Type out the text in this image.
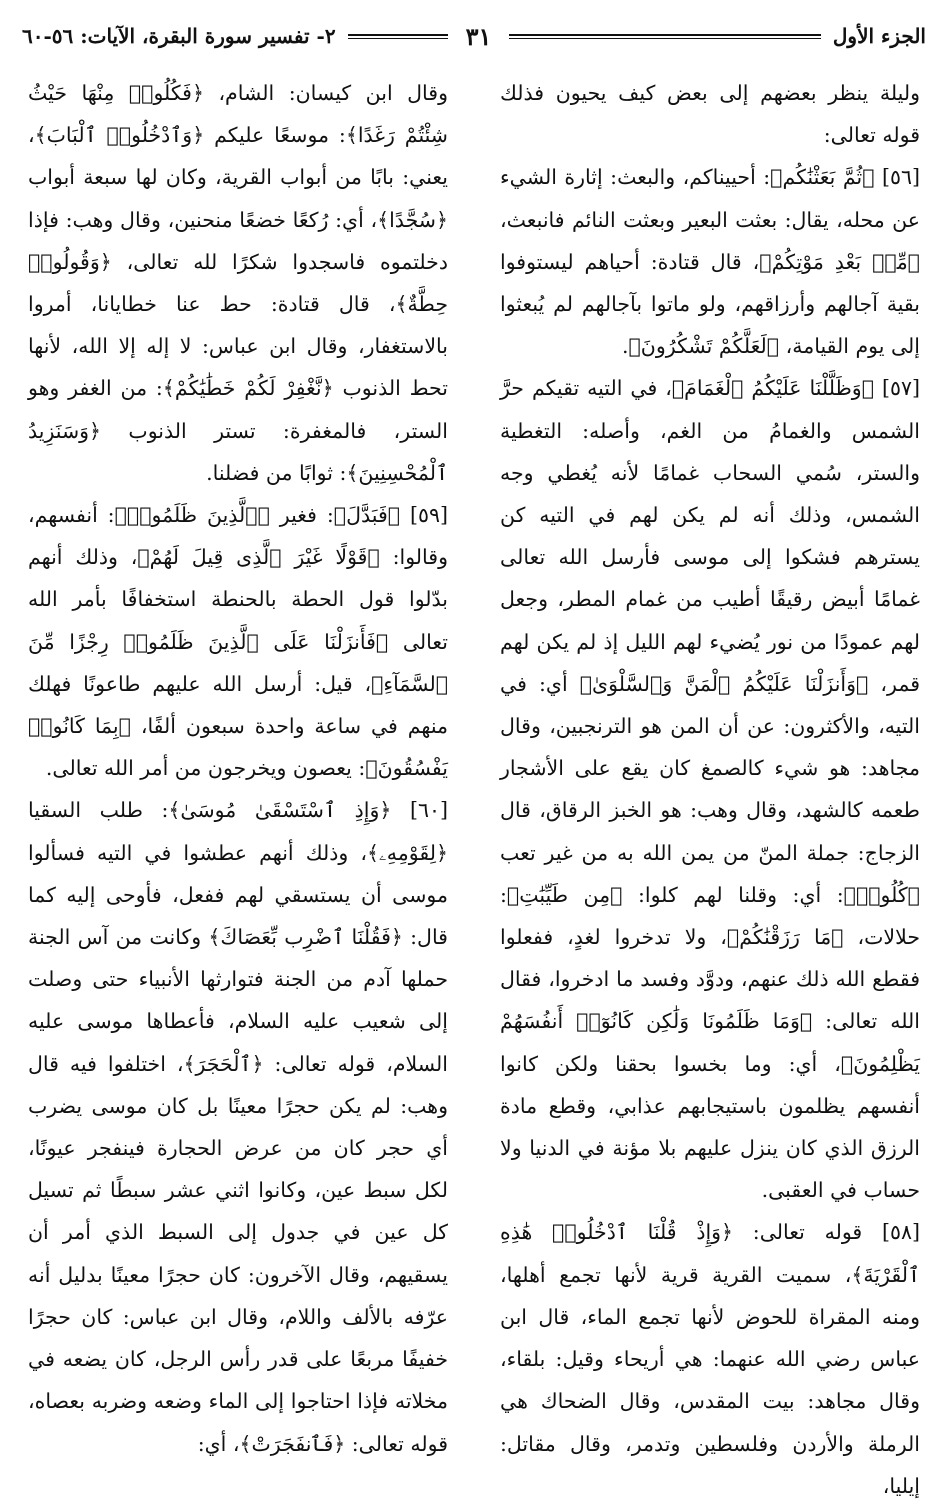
الجزء الأول
٣١
٢- تفسير سورة البقرة، الآيات: ٥٦-٦٠

وليلة ينظر بعضهم إلى بعض كيف يحيون فذلك قوله تعالى:

[٥٦] ﴿ثُمَّ بَعَثْنَٰكُم﴾: أحييناكم، والبعث: إثارة الشيء عن محله، يقال: بعثت البعير وبعثت النائم فانبعث، ﴿مِّنۢ بَعْدِ مَوْتِكُمْ﴾، قال قتادة: أحياهم ليستوفوا بقية آجالهم وأرزاقهم، ولو ماتوا بآجالهم لم يُبعثوا إلى يوم القيامة، ﴿لَعَلَّكُمْ تَشْكُرُونَ﴾.

[٥٧] ﴿وَظَلَّلْنَا عَلَيْكُمُ ٱلْغَمَامَ﴾، في التيه تقيكم حرَّ الشمس والغمامُ من الغم، وأصله: التغطية والستر، سُمي السحاب غمامًا لأنه يُغطي وجه الشمس، وذلك أنه لم يكن لهم في التيه كن يسترهم فشكوا إلى موسى فأرسل الله تعالى غمامًا أبيض رقيقًا أطيب من غمام المطر، وجعل لهم عمودًا من نور يُضيء لهم الليل إذ لم يكن لهم قمر، ﴿وَأَنزَلْنَا عَلَيْكُمُ ٱلْمَنَّ وَٱلسَّلْوَىٰ﴾ أي: في التيه، والأكثرون: عن أن المن هو الترنجبين، وقال مجاهد: هو شيء كالصمغ كان يقع على الأشجار طعمه كالشهد، وقال وهب: هو الخبز الرقاق، قال الزجاج: جملة المنّ من يمن الله به من غير تعب ﴿كُلُوا۟﴾: أي: وقلنا لهم كلوا: ﴿مِن طَيِّبَٰتِ﴾: حلالات، ﴿مَا رَزَقْنَٰكُمْ﴾، ولا تدخروا لغدٍ، ففعلوا فقطع الله ذلك عنهم، ودوَّد وفسد ما ادخروا، فقال الله تعالى: ﴿وَمَا ظَلَمُونَا وَلَٰكِن كَانُوٓا۟ أَنفُسَهُمْ يَظْلِمُونَ﴾، أي: وما بخسوا بحقنا ولكن كانوا أنفسهم يظلمون باستيجابهم عذابي، وقطع مادة الرزق الذي كان ينزل عليهم بلا مؤنة في الدنيا ولا حساب في العقبى.

[٥٨] قوله تعالى: ﴿وَإِذْ قُلْنَا ٱدْخُلُوا۟ هَٰذِهِ ٱلْقَرْيَةَ﴾، سميت القرية قرية لأنها تجمع أهلها، ومنه المقراة للحوض لأنها تجمع الماء، قال ابن عباس رضي الله عنهما: هي أريحاء وقيل: بلقاء، وقال مجاهد: بيت المقدس، وقال الضحاك هي الرملة والأردن وفلسطين وتدمر، وقال مقاتل: إيليا،

وقال ابن كيسان: الشام، ﴿فَكُلُوا۟ مِنْهَا حَيْثُ شِئْتُمْ رَغَدًا﴾: موسعًا عليكم ﴿وَٱدْخُلُوا۟ ٱلْبَابَ﴾، يعني: بابًا من أبواب القرية، وكان لها سبعة أبواب ﴿سُجَّدًا﴾، أي: رُكعًا خضعًا منحنين، وقال وهب: فإذا دخلتموه فاسجدوا شكرًا لله تعالى، ﴿وَقُولُوا۟ حِطَّةٌ﴾، قال قتادة: حط عنا خطايانا، أمروا بالاستغفار، وقال ابن عباس: لا إله إلا الله، لأنها تحط الذنوب ﴿نَّغْفِرْ لَكُمْ خَطَٰيَٰكُمْ﴾: من الغفر وهو الستر، فالمغفرة: تستر الذنوب ﴿وَسَنَزِيدُ ٱلْمُحْسِنِينَ﴾: ثوابًا من فضلنا.

[٥٩] ﴿فَبَدَّلَ﴾: فغير ﴿ٱلَّذِينَ ظَلَمُوا۟﴾: أنفسهم، وقالوا: ﴿قَوْلًا غَيْرَ ٱلَّذِى قِيلَ لَهُمْ﴾، وذلك أنهم بدّلوا قول الحطة بالحنطة استخفافًا بأمر الله تعالى ﴿فَأَنزَلْنَا عَلَى ٱلَّذِينَ ظَلَمُوا۟ رِجْزًا مِّنَ ٱلسَّمَآءِ﴾، قيل: أرسل الله عليهم طاعونًا فهلك منهم في ساعة واحدة سبعون ألفًا، ﴿بِمَا كَانُوا۟ يَفْسُقُونَ﴾: يعصون ويخرجون من أمر الله تعالى.

[٦٠] ﴿وَإِذِ ٱسْتَسْقَىٰ مُوسَىٰ﴾: طلب السقيا ﴿لِقَوْمِهِۦ﴾، وذلك أنهم عطشوا في التيه فسألوا موسى أن يستسقي لهم ففعل، فأوحى إليه كما قال: ﴿فَقُلْنَا ٱضْرِب بِّعَصَاكَ﴾ وكانت من آس الجنة حملها آدم من الجنة فتوارثها الأنبياء حتى وصلت إلى شعيب عليه السلام، فأعطاها موسى عليه السلام، قوله تعالى: ﴿ٱلْحَجَرَ﴾، اختلفوا فيه قال وهب: لم يكن حجرًا معينًا بل كان موسى يضرب أي حجر كان من عرض الحجارة فينفجر عيونًا، لكل سبط عين، وكانوا اثني عشر سبطًا ثم تسيل كل عين في جدول إلى السبط الذي أمر أن يسقيهم، وقال الآخرون: كان حجرًا معينًا بدليل أنه عرّفه بالألف واللام، وقال ابن عباس: كان حجرًا خفيفًا مربعًا على قدر رأس الرجل، كان يضعه في مخلاته فإذا احتاجوا إلى الماء وضعه وضربه بعصاه، قوله تعالى: ﴿فَٱنفَجَرَتْ﴾، أي:
